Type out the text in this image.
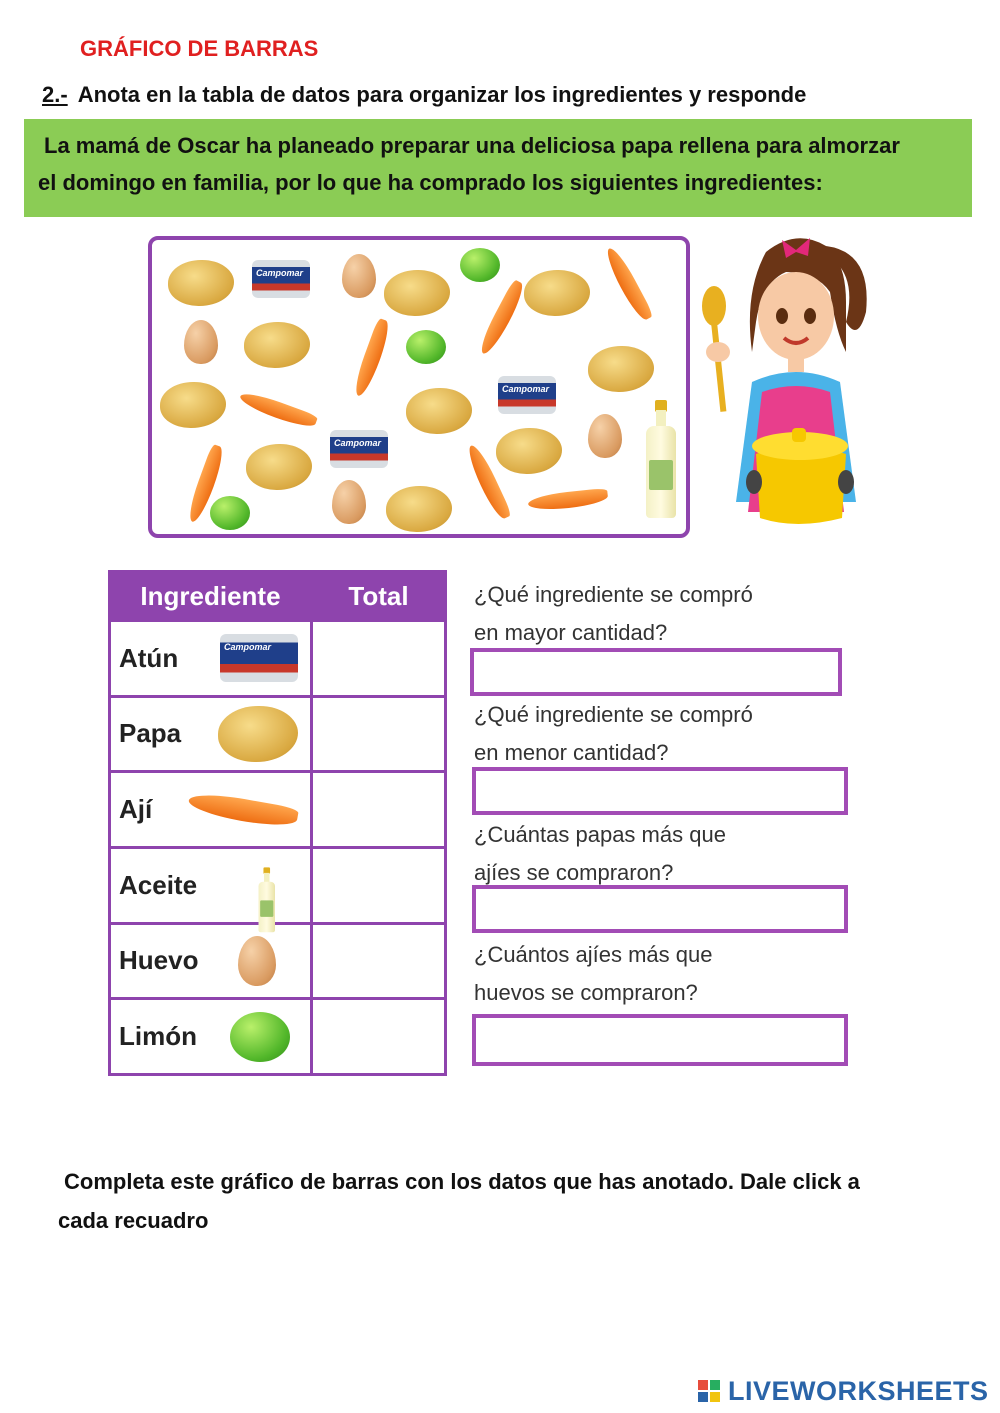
GRÁFICO DE BARRAS
2.- Anota en la tabla de datos para organizar los ingredientes y responde
La mamá de Oscar ha planeado preparar una deliciosa papa rellena para almorzar
el domingo en familia, por lo que ha comprado los siguientes ingredientes:
Campomar
Campomar
Campomar
Ingrediente	Total
Atún Campomar	

Papa

Ají

Aceite

Huevo

Limón

¿Qué ingrediente se compró
en mayor cantidad?
¿Qué ingrediente se compró
en menor cantidad?
¿Cuántas papas más que
ajíes se compraron?
¿Cuántos ajíes más que
huevos se compraron?
Completa este gráfico de barras con los datos que has anotado. Dale click a
cada recuadro
LIVEWORKSHEETS
